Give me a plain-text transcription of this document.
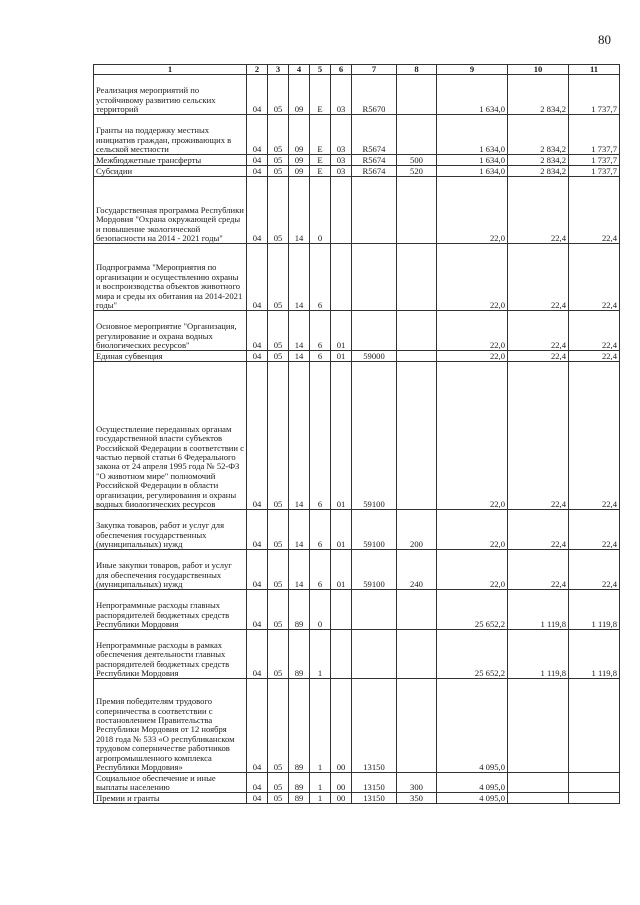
80
1	2	3	4	5	6	7	8	9	10	11
Реализация мероприятий по устойчивому развитию сельских территорий	04	05	09	Е	03	R5670		1 634,0	2 834,2	1 737,7
Гранты на поддержку местных инициатив граждан, проживающих в сельской местности	04	05	09	Е	03	R5674		1 634,0	2 834,2	1 737,7
Межбюджетные трансферты	04	05	09	Е	03	R5674	500	1 634,0	2 834,2	1 737,7
Субсидии	04	05	09	Е	03	R5674	520	1 634,0	2 834,2	1 737,7
Государственная программа Республики Мордовия "Охрана окружающей среды и повышение экологической безопасности на 2014 - 2021 годы"	04	05	14	0				22,0	22,4	22,4
Подпрограмма "Мероприятия по организации и осуществлению охраны и воспроизводства объектов животного мира и среды их обитания на 2014-2021 годы"	04	05	14	6				22,0	22,4	22,4
Основное мероприятие "Организация, регулирование и охрана водных биологических ресурсов"	04	05	14	6	01			22,0	22,4	22,4
Единая субвенция	04	05	14	6	01	59000		22,0	22,4	22,4
Осуществление переданных органам государственной власти субъектов Российской Федерации в соответствии с частью первой статьи 6 Федерального закона от 24 апреля 1995 года № 52-ФЗ "О животном мире" полномочий Российской Федерации в области организации, регулирования и охраны водных биологических ресурсов	04	05	14	6	01	59100		22,0	22,4	22,4
Закупка товаров, работ и услуг для обеспечения государственных (муниципальных) нужд	04	05	14	6	01	59100	200	22,0	22,4	22,4
Иные закупки товаров, работ и услуг для обеспечения государственных (муниципальных) нужд	04	05	14	6	01	59100	240	22,0	22,4	22,4
Непрограммные расходы главных распорядителей бюджетных средств Республики Мордовия	04	05	89	0				25 652,2	1 119,8	1 119,8
Непрограммные расходы в рамках обеспечения деятельности главных распорядителей бюджетных средств Республики Мордовия	04	05	89	1				25 652,2	1 119,8	1 119,8
Премия победителям трудового соперничества в соответствии с постановлением Правительства Республики Мордовия от 12 ноября 2018 года № 533 «О республиканском трудовом соперничестве работников агропромышленного комплекса Республики Мордовия»	04	05	89	1	00	13150		4 095,0		
Социальное обеспечение и иные выплаты населению	04	05	89	1	00	13150	300	4 095,0		
Премии и гранты	04	05	89	1	00	13150	350	4 095,0		
